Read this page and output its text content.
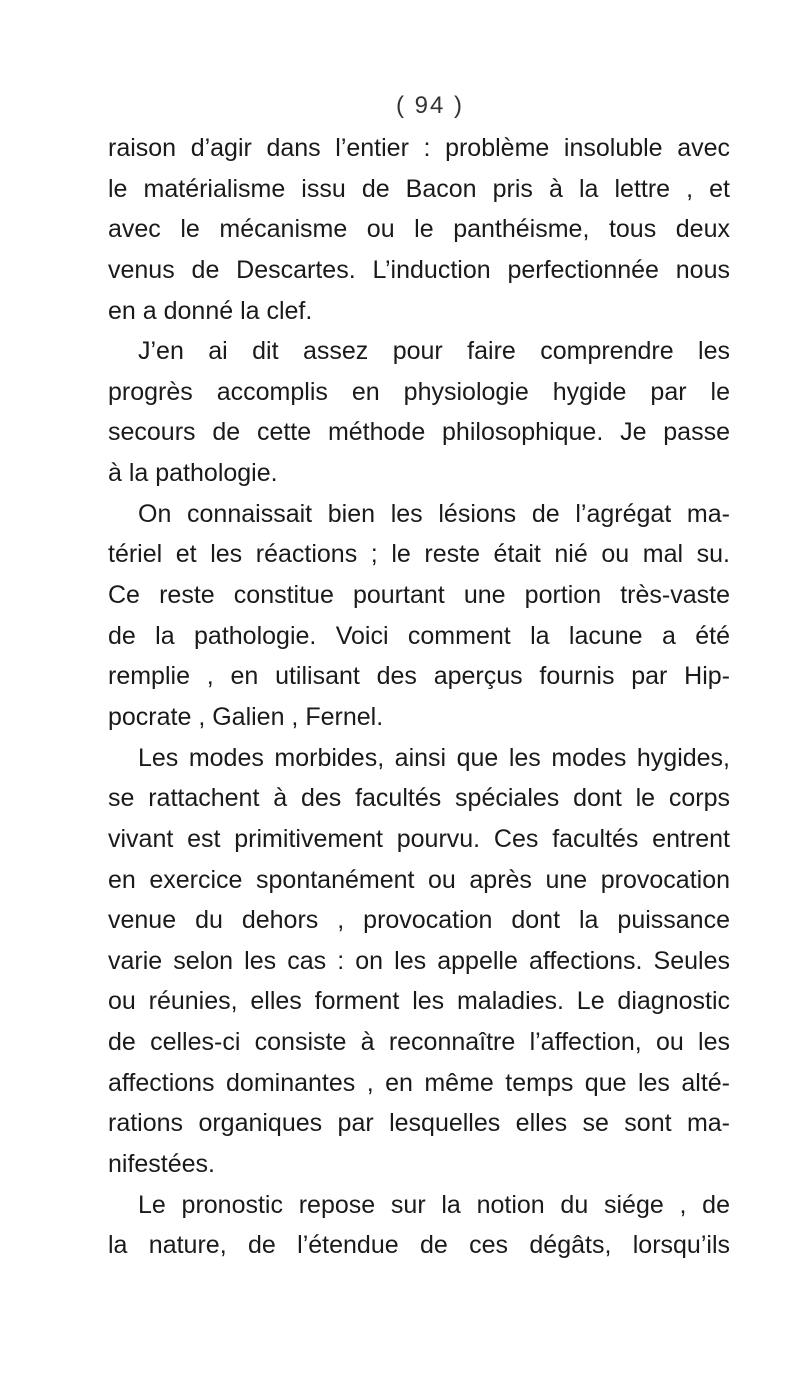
( 94 )
raison d’agir dans l’entier : problème insoluble avec
le matérialisme issu de Bacon pris à la lettre , et
avec le mécanisme ou le panthéisme, tous deux
venus de Descartes. L’induction perfectionnée nous
en a donné la clef.
J’en ai dit assez pour faire comprendre les
progrès accomplis en physiologie hygide par le
secours de cette méthode philosophique. Je passe
à la pathologie.
On connaissait bien les lésions de l’agrégat ma-
tériel et les réactions ; le reste était nié ou mal su.
Ce reste constitue pourtant une portion très-vaste
de la pathologie. Voici comment la lacune a été
remplie , en utilisant des aperçus fournis par Hip-
pocrate , Galien , Fernel.
Les modes morbides, ainsi que les modes hygides,
se rattachent à des facultés spéciales dont le corps
vivant est primitivement pourvu. Ces facultés entrent
en exercice spontanément ou après une provocation
venue du dehors , provocation dont la puissance
varie selon les cas : on les appelle affections. Seules
ou réunies, elles forment les maladies. Le diagnostic
de celles-ci consiste à reconnaître l’affection, ou les
affections dominantes , en même temps que les alté-
rations organiques par lesquelles elles se sont ma-
nifestées.
Le pronostic repose sur la notion du siége , de
la nature, de l’étendue de ces dégâts, lorsqu’ils
